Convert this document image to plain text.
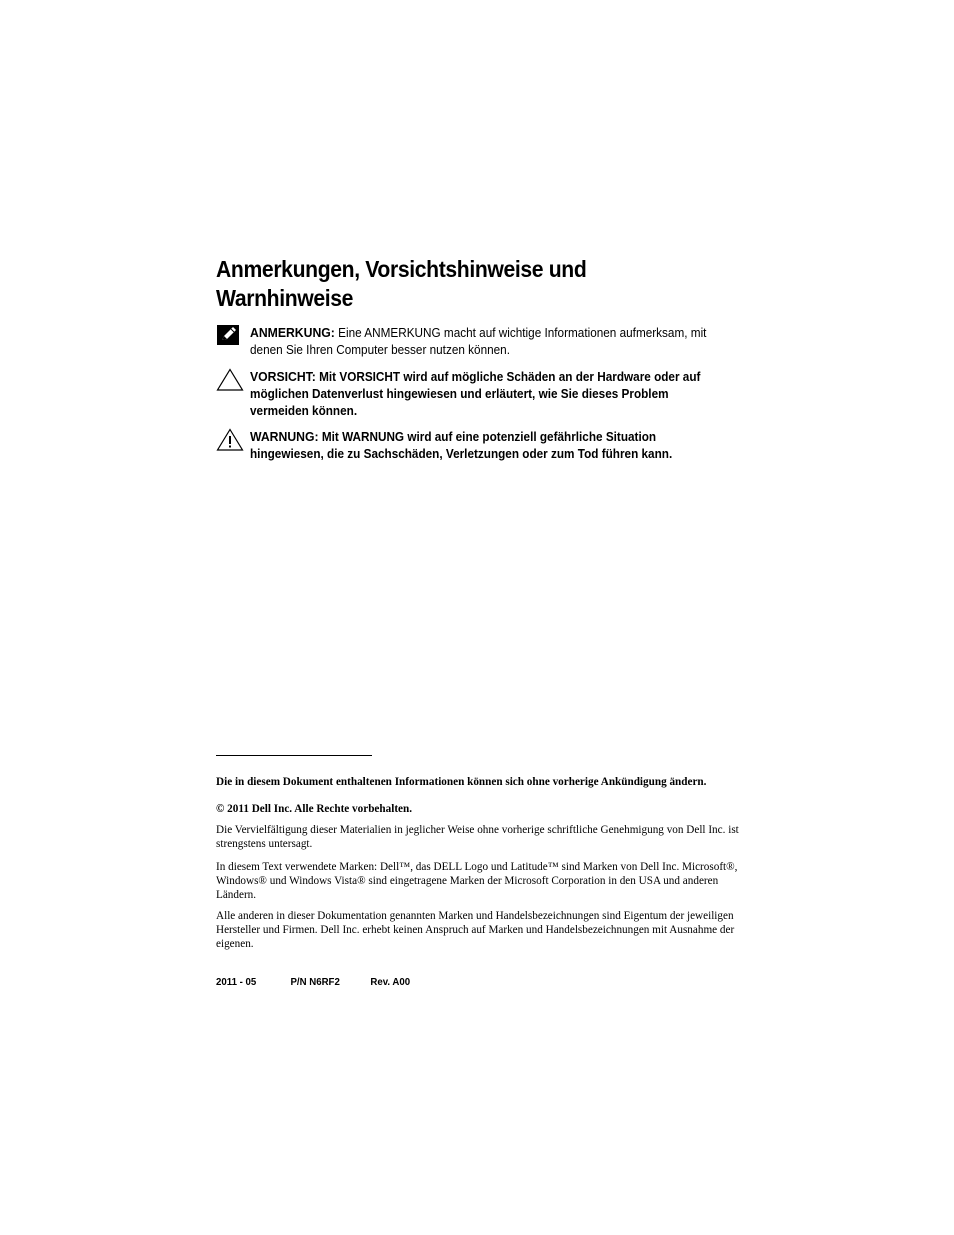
Anmerkungen, Vorsichtshinweise und Warnhinweise
ANMERKUNG: Eine ANMERKUNG macht auf wichtige Informationen aufmerksam, mit denen Sie Ihren Computer besser nutzen können.
VORSICHT: Mit VORSICHT wird auf mögliche Schäden an der Hardware oder auf möglichen Datenverlust hingewiesen und erläutert, wie Sie dieses Problem vermeiden können.
WARNUNG: Mit WARNUNG wird auf eine potenziell gefährliche Situation hingewiesen, die zu Sachschäden, Verletzungen oder zum Tod führen kann.
Die in diesem Dokument enthaltenen Informationen können sich ohne vorherige Ankündigung ändern.
© 2011 Dell Inc. Alle Rechte vorbehalten.
Die Vervielfältigung dieser Materialien in jeglicher Weise ohne vorherige schriftliche Genehmigung von Dell Inc. ist strengstens untersagt.
In diesem Text verwendete Marken: Dell™, das DELL Logo und Latitude™ sind Marken von Dell Inc. Microsoft®, Windows® und Windows Vista® sind eingetragene Marken der Microsoft Corporation in den USA und anderen Ländern.
Alle anderen in dieser Dokumentation genannten Marken und Handelsbezeichnungen sind Eigentum der jeweiligen Hersteller und Firmen. Dell Inc. erhebt keinen Anspruch auf Marken und Handelsbezeichnungen mit Ausnahme der eigenen.
2011 - 05	P/N N6RF2	Rev. A00
